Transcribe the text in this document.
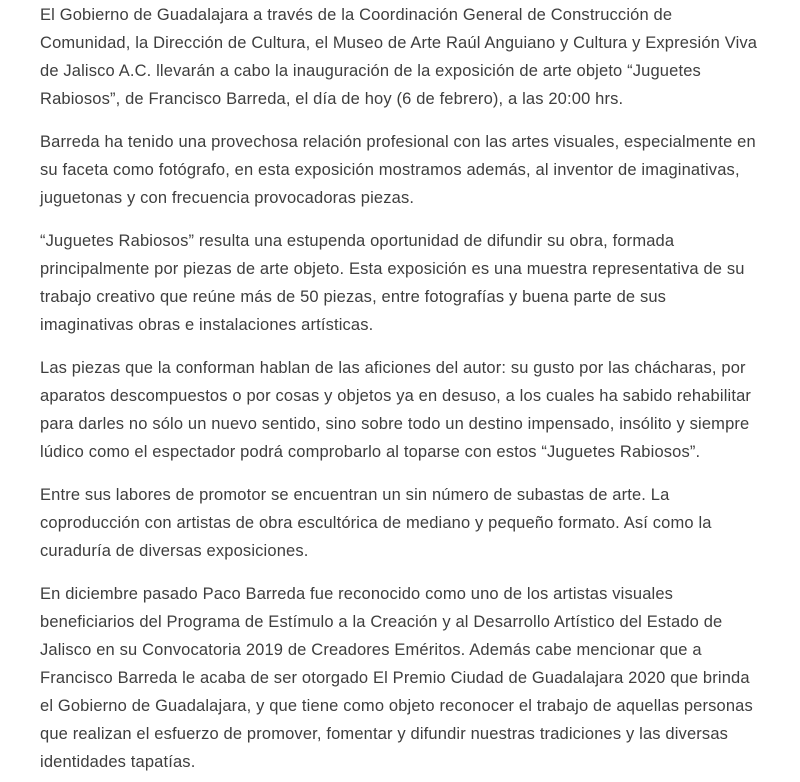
El Gobierno de Guadalajara a través de la Coordinación General de Construcción de Comunidad, la Dirección de Cultura, el Museo de Arte Raúl Anguiano y Cultura y Expresión Viva de Jalisco A.C. llevarán a cabo la inauguración de la exposición de arte objeto “Juguetes Rabiosos”, de Francisco Barreda, el día de hoy (6 de febrero), a las 20:00 hrs.

Barreda ha tenido una provechosa relación profesional con las artes visuales, especialmente en su faceta como fotógrafo, en esta exposición mostramos además, al inventor de imaginativas, juguetonas y con frecuencia provocadoras piezas.

“Juguetes Rabiosos” resulta una estupenda oportunidad de difundir su obra, formada principalmente por piezas de arte objeto. Esta exposición es una muestra representativa de su trabajo creativo que reúne más de 50 piezas, entre fotografías y buena parte de sus imaginativas obras e instalaciones artísticas.

Las piezas que la conforman hablan de las aficiones del autor: su gusto por las chácharas, por aparatos descompuestos o por cosas y objetos ya en desuso, a los cuales ha sabido rehabilitar para darles no sólo un nuevo sentido, sino sobre todo un destino impensado, insólito y siempre lúdico como el espectador podrá comprobarlo al toparse con estos “Juguetes Rabiosos”.

Entre sus labores de promotor se encuentran un sin número de subastas de arte. La coproducción con artistas de obra escultórica de mediano y pequeño formato. Así como la curaduría de diversas exposiciones.

En diciembre pasado Paco Barreda fue reconocido como uno de los artistas visuales beneficiarios del Programa de Estímulo a la Creación y al Desarrollo Artístico del Estado de Jalisco en su Convocatoria 2019 de Creadores Eméritos. Además cabe mencionar que a Francisco Barreda le acaba de ser otorgado El Premio Ciudad de Guadalajara 2020 que brinda el Gobierno de Guadalajara, y que tiene como objeto reconocer el trabajo de aquellas personas que realizan el esfuerzo de promover, fomentar y difundir nuestras tradiciones y las diversas identidades tapatías.
